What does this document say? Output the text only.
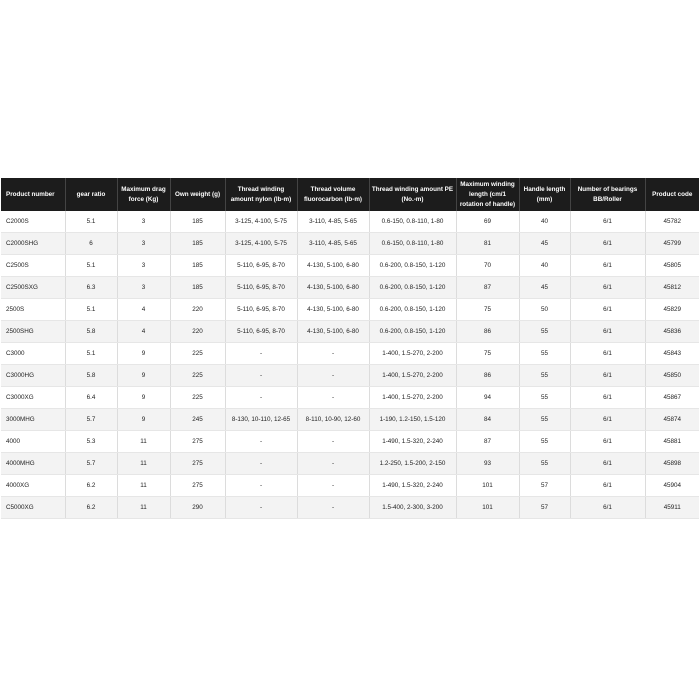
Product number	gear ratio	Maximum drag force (Kg)	Own weight (g)	Thread winding amount nylon (lb-m)	Thread volume fluorocarbon (lb-m)	Thread winding amount PE (No.-m)	Maximum winding length (cm/1 rotation of handle)	Handle length (mm)	Number of bearings BB/Roller	Product code
C2000S	5.1	3	185	3-125, 4-100, 5-75	3-110, 4-85, 5-65	0.6-150, 0.8-110, 1-80	69	40	6/1	45782
C2000SHG	6	3	185	3-125, 4-100, 5-75	3-110, 4-85, 5-65	0.6-150, 0.8-110, 1-80	81	45	6/1	45799
C2500S	5.1	3	185	5-110, 6-95, 8-70	4-130, 5-100, 6-80	0.6-200, 0.8-150, 1-120	70	40	6/1	45805
C2500SXG	6.3	3	185	5-110, 6-95, 8-70	4-130, 5-100, 6-80	0.6-200, 0.8-150, 1-120	87	45	6/1	45812
2500S	5.1	4	220	5-110, 6-95, 8-70	4-130, 5-100, 6-80	0.6-200, 0.8-150, 1-120	75	50	6/1	45829
2500SHG	5.8	4	220	5-110, 6-95, 8-70	4-130, 5-100, 6-80	0.6-200, 0.8-150, 1-120	86	55	6/1	45836
C3000	5.1	9	225	-	-	1-400, 1.5-270, 2-200	75	55	6/1	45843
C3000HG	5.8	9	225	-	-	1-400, 1.5-270, 2-200	86	55	6/1	45850
C3000XG	6.4	9	225	-	-	1-400, 1.5-270, 2-200	94	55	6/1	45867
3000MHG	5.7	9	245	8-130, 10-110, 12-65	8-110, 10-90, 12-60	1-190, 1.2-150, 1.5-120	84	55	6/1	45874
4000	5.3	11	275	-	-	1-490, 1.5-320, 2-240	87	55	6/1	45881
4000MHG	5.7	11	275	-	-	1.2-250, 1.5-200, 2-150	93	55	6/1	45898
4000XG	6.2	11	275	-	-	1-490, 1.5-320, 2-240	101	57	6/1	45904
C5000XG	6.2	11	290	-	-	1.5-400, 2-300, 3-200	101	57	6/1	45911
